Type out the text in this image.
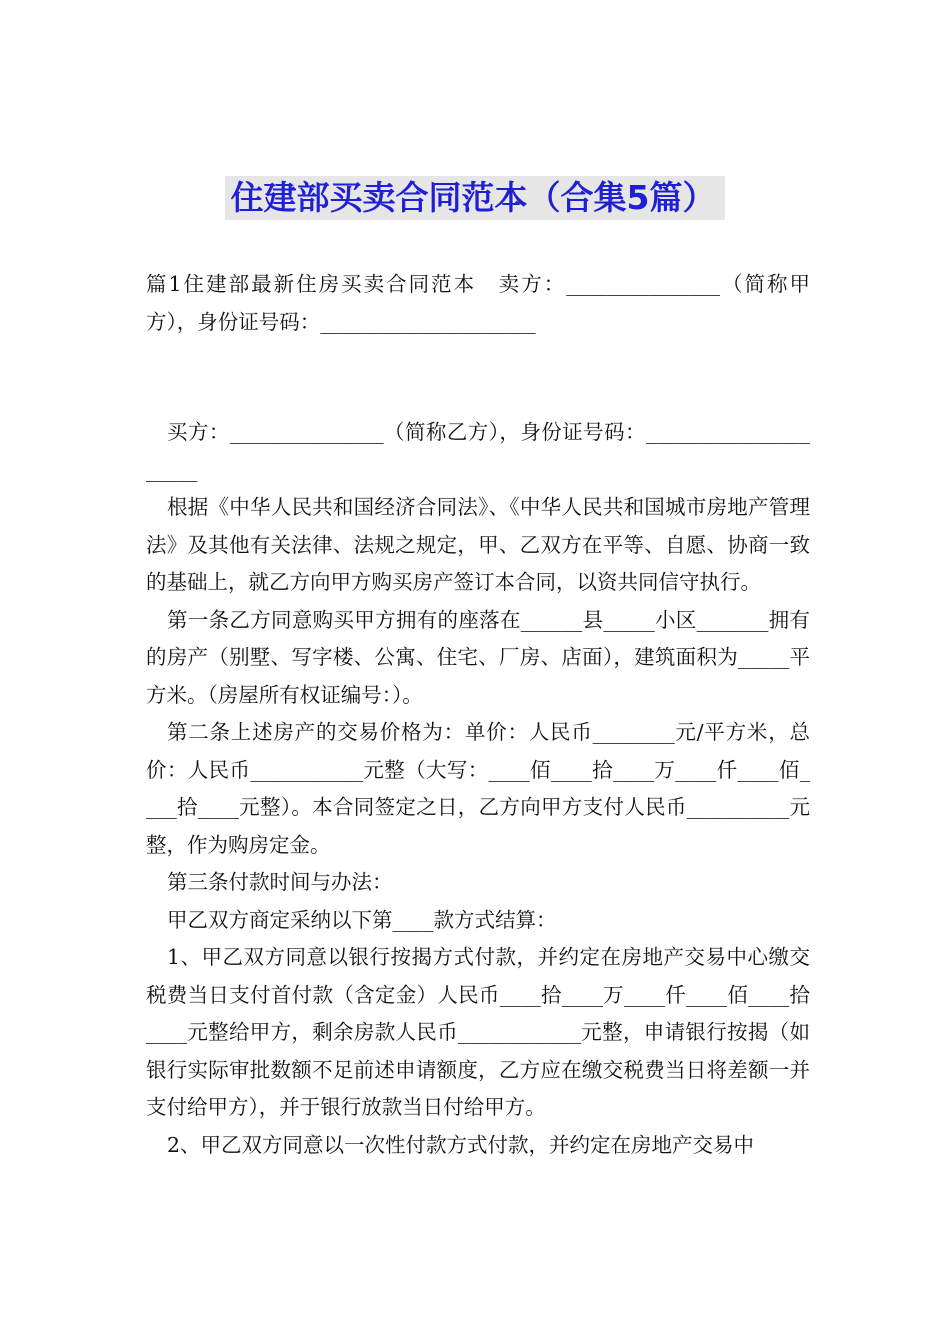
住建部买卖合同范本（合集5篇）

篇1住建部最新住房买卖合同范本　卖方：_______________（简称甲方），身份证号码：_____________________

买方：_______________（简称乙方），身份证号码：_____________________

根据《中华人民共和国经济合同法》、《中华人民共和国城市房地产管理法》及其他有关法律、法规之规定，甲、乙双方在平等、自愿、协商一致的基础上，就乙方向甲方购买房产签订本合同，以资共同信守执行。

第一条乙方同意购买甲方拥有的座落在______县_____小区_______拥有的房产（别墅、写字楼、公寓、住宅、厂房、店面），建筑面积为_____平方米。（房屋所有权证编号：）。

第二条上述房产的交易价格为：单价：人民币________元/平方米，总价：人民币___________元整（大写：____佰____拾____万____仟____佰____拾____元整）。本合同签定之日，乙方向甲方支付人民币__________元整，作为购房定金。

第三条付款时间与办法：

甲乙双方商定采纳以下第____款方式结算：

1、甲乙双方同意以银行按揭方式付款，并约定在房地产交易中心缴交税费当日支付首付款（含定金）人民币____拾____万____仟____佰____拾____元整给甲方，剩余房款人民币____________元整，申请银行按揭（如银行实际审批数额不足前述申请额度，乙方应在缴交税费当日将差额一并支付给甲方），并于银行放款当日付给甲方。

2、甲乙双方同意以一次性付款方式付款，并约定在房地产交易中
